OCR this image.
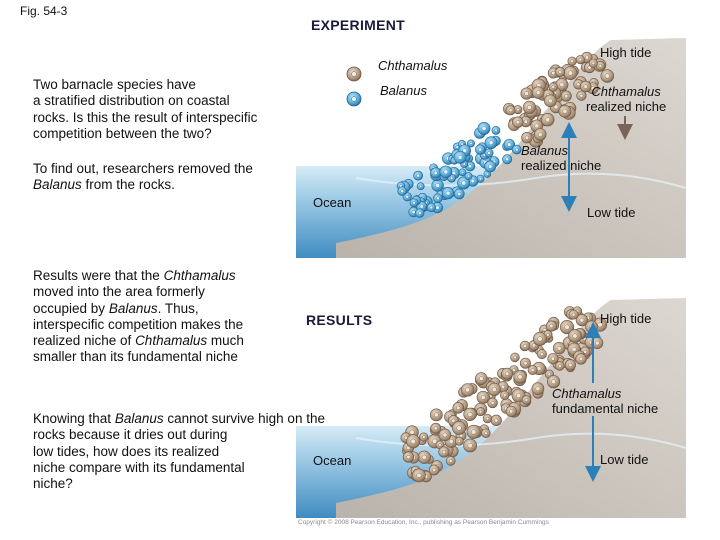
Fig. 54-3
Two barnacle species have
a stratified distribution on coastal
rocks. Is this the result of interspecific
competition between the two?
To find out, researchers removed the
Balanus from the rocks.
Results were that the Chthamalus
moved into the area formerly
occupied by Balanus. Thus,
interspecific competition makes the
realized niche of Chthamalus much
smaller than its fundamental niche
Knowing that Balanus cannot survive high on the
rocks because it dries out during
low tides, how does its realized
niche compare with its fundamental
niche?
EXPERIMENT
Chthamalus
Balanus
High tide
Chthamalus
realized niche
Balanus
realized niche
Ocean
Low tide
RESULTS	High tide
Chthamalus
fundamental niche
Ocean	Low tide
Copyright © 2008 Pearson Education, Inc., publishing as Pearson Benjamin Cummings
